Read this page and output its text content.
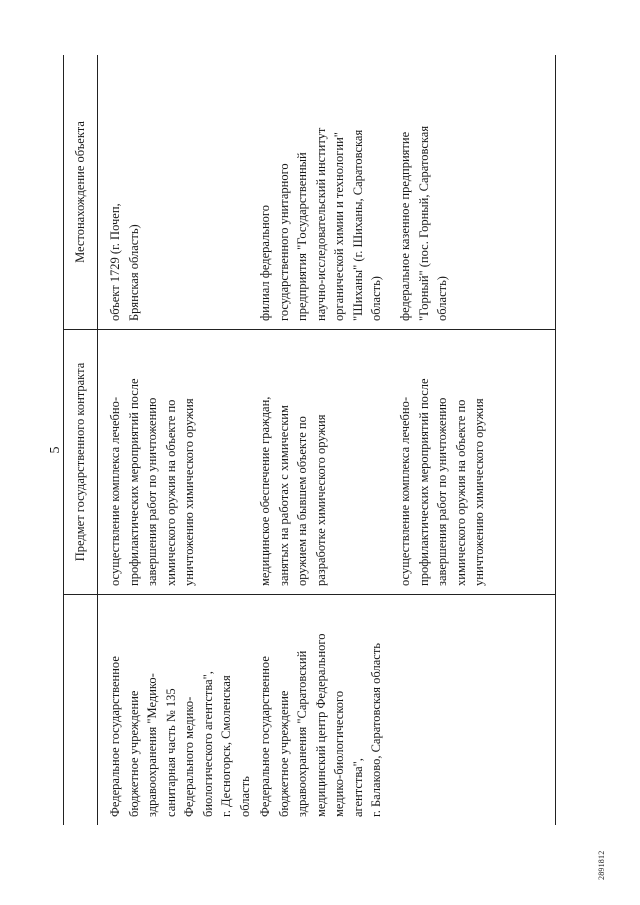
5 Предмет государственного контракта
Местонахождение объекта
Федеральное государственное
бюджетное учреждение
здравоохранения "Медико-
санитарная часть № 135
Федерального медико-
биологического агентства",
г. Десногорск, Смоленская
область
осуществление комплекса лечебно-
профилактических мероприятий после
завершения работ по уничтожению
химического оружия на объекте по
уничтожению химического оружия
объект 1729 (г. Почеп,
Брянская область)
Федеральное государственное
бюджетное учреждение
здравоохранения "Саратовский
медицинский центр Федерального
медико-биологического
агентства",
г. Балаково, Саратовская область
медицинское обеспечение граждан,
занятых на работах с химическим
оружием на бывшем объекте по
разработке химического оружия
филиал федерального
государственного унитарного
предприятия "Государственный
научно-исследовательский институт
органической химии и технологии"
"Шиханы" (г. Шиханы, Саратовская
область)
осуществление комплекса лечебно-
профилактических мероприятий после
завершения работ по уничтожению
химического оружия на объекте по
уничтожению химического оружия
федеральное казенное предприятие
"Горный" (пос. Горный, Саратовская
область)
2891812
